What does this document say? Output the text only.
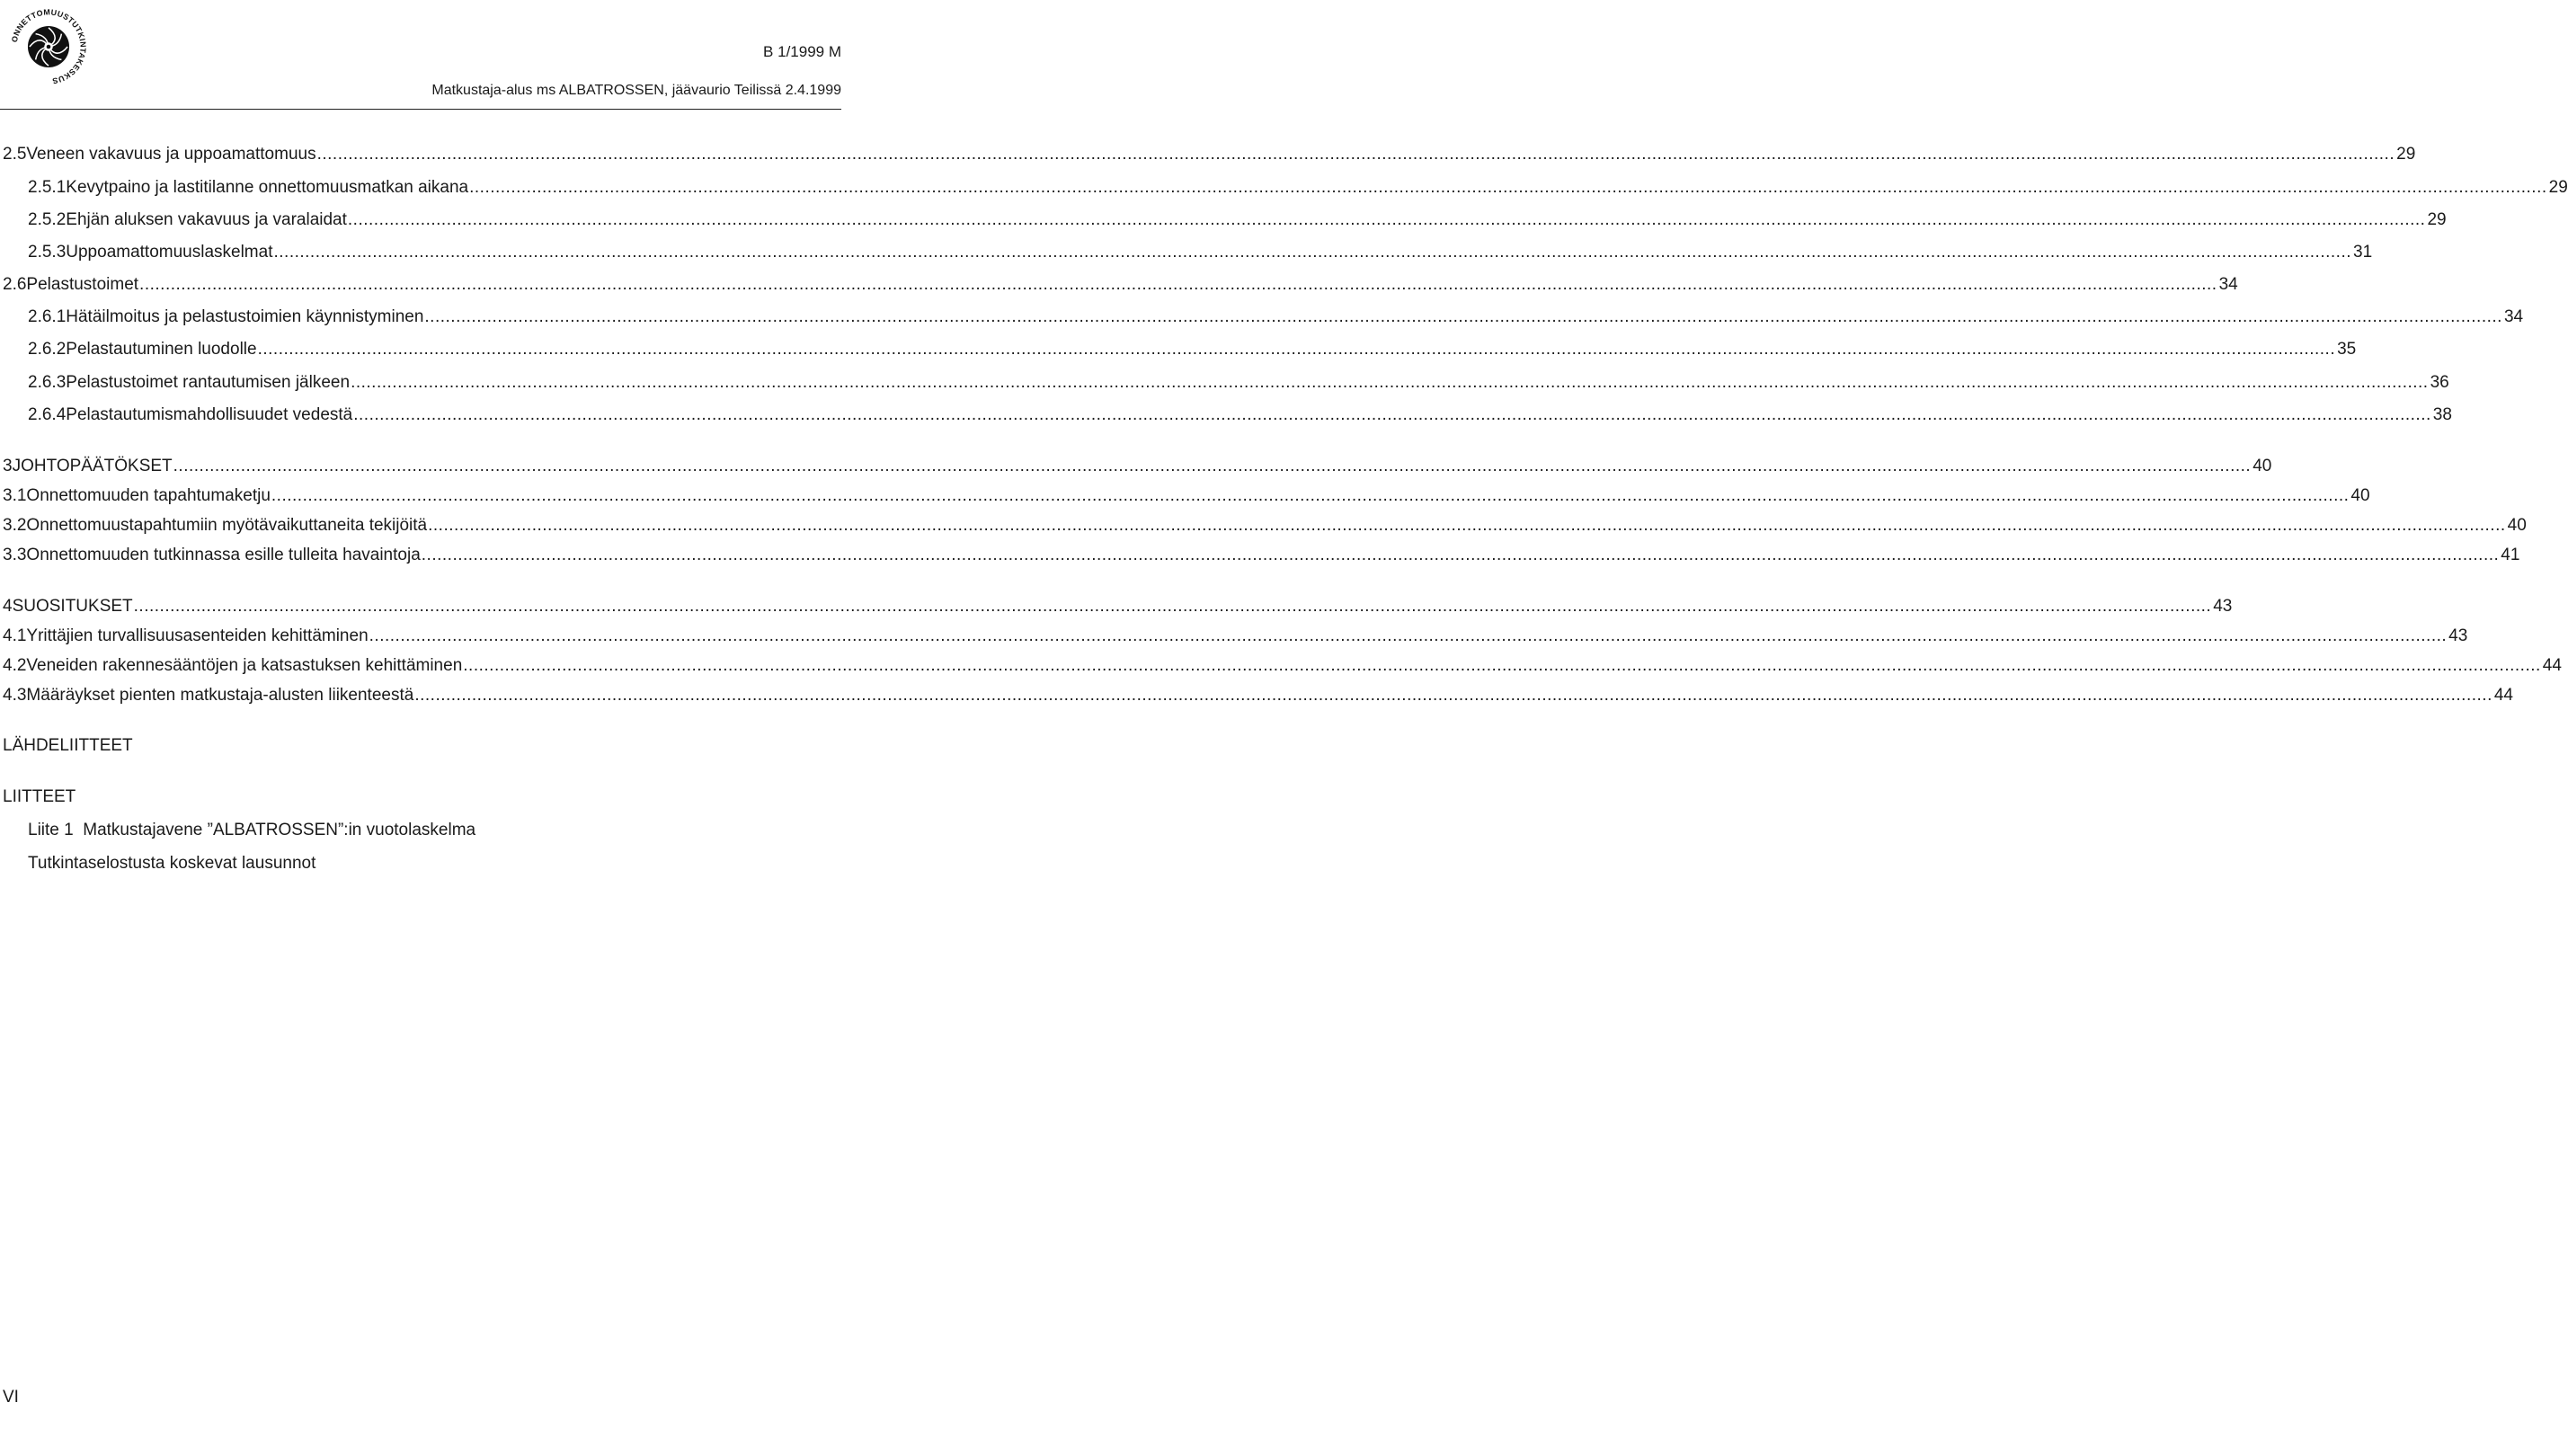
ONNETTOMUUSTUTKINTAKESKUS
B 1/1999 M
Matkustaja-alus ms ALBATROSSEN, jäävaurio Teilissä 2.4.1999
2.5 Veneen vakavuus ja uppoamattomuus ................................................................................................................................................................................................................................................................................................................................................................................................................ 29
2.5.1 Kevytpaino ja lastitilanne onnettomuusmatkan aikana ................................................................................................................................................................................................................................................................................................................................................................................................................ 29
2.5.2 Ehjän aluksen vakavuus ja varalaidat ................................................................................................................................................................................................................................................................................................................................................................................................................ 29
2.5.3 Uppoamattomuuslaskelmat ................................................................................................................................................................................................................................................................................................................................................................................................................ 31
2.6 Pelastustoimet ................................................................................................................................................................................................................................................................................................................................................................................................................ 34
2.6.1 Hätäilmoitus ja pelastustoimien käynnistyminen ................................................................................................................................................................................................................................................................................................................................................................................................................ 34
2.6.2 Pelastautuminen luodolle ................................................................................................................................................................................................................................................................................................................................................................................................................ 35
2.6.3 Pelastustoimet rantautumisen jälkeen ................................................................................................................................................................................................................................................................................................................................................................................................................ 36
2.6.4 Pelastautumismahdollisuudet vedestä ................................................................................................................................................................................................................................................................................................................................................................................................................ 38
3 JOHTOPÄÄTÖKSET ................................................................................................................................................................................................................................................................................................................................................................................................................ 40
3.1 Onnettomuuden tapahtumaketju ................................................................................................................................................................................................................................................................................................................................................................................................................ 40
3.2 Onnettomuustapahtumiin myötävaikuttaneita tekijöitä ................................................................................................................................................................................................................................................................................................................................................................................................................ 40
3.3 Onnettomuuden tutkinnassa esille tulleita havaintoja ................................................................................................................................................................................................................................................................................................................................................................................................................ 41
4 SUOSITUKSET ................................................................................................................................................................................................................................................................................................................................................................................................................ 43
4.1 Yrittäjien turvallisuusasenteiden kehittäminen ................................................................................................................................................................................................................................................................................................................................................................................................................ 43
4.2 Veneiden rakennesääntöjen ja katsastuksen kehittäminen ................................................................................................................................................................................................................................................................................................................................................................................................................ 44
4.3 Määräykset pienten matkustaja-alusten liikenteestä ................................................................................................................................................................................................................................................................................................................................................................................................................ 44
LÄHDELIITTEET
LIITTEET
Liite 1  Matkustajavene ”ALBATROSSEN”:in vuotolaskelma
Tutkintaselostusta koskevat lausunnot
VI
